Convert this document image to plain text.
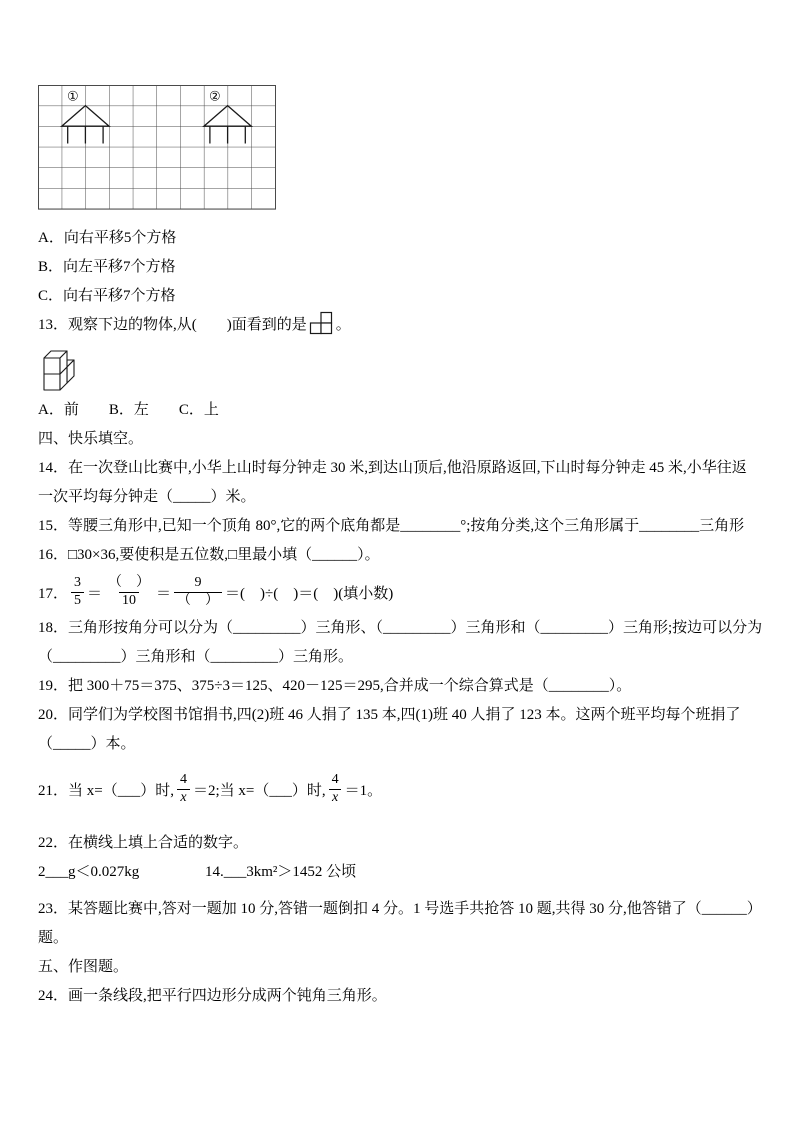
①	②
A．向右平移5个方格
B．向左平移7个方格
C．向右平移7个方格
13．观察下边的物体,从(　　)面看到的是 。
A．前　　B．左　　C．上
四、快乐填空。
14．在一次登山比赛中,小华上山时每分钟走 30 米,到达山顶后,他沿原路返回,下山时每分钟走 45 米,小华往返
一次平均每分钟走（_____）米。
15．等腰三角形中,已知一个顶角 80°,它的两个底角都是________°;按角分类,这个三角形属于________三角形
16．□30×36,要使积是五位数,□里最小填（______）。
17． $\frac{3}{5} = \frac{( )}{10} = \frac{9}{( )}$ ＝(　)÷(　)＝(　)(填小数)
18．三角形按角分可以分为（_________）三角形、（_________）三角形和（_________）三角形;按边可以分为
（_________）三角形和（_________）三角形。
19．把 300＋75＝375、375÷3＝125、420－125＝295,合并成一个综合算式是（________）。
20．同学们为学校图书馆捐书,四(2)班 46 人捐了 135 本,四(1)班 40 人捐了 123 本。这两个班平均每个班捐了
（_____）本。
21．当 x=（___）时, $\frac{4}{x} =2$;当 x=（___）时, $\frac{4}{x} =1$。
22．在横线上填上合适的数字。
2___g＜0.027kg	14.___3km²＞1452 公顷
23．某答题比赛中,答对一题加 10 分,答错一题倒扣 4 分。1 号选手共抢答 10 题,共得 30 分,他答错了（______）
题。
五、作图题。
24．画一条线段,把平行四边形分成两个钝角三角形。
